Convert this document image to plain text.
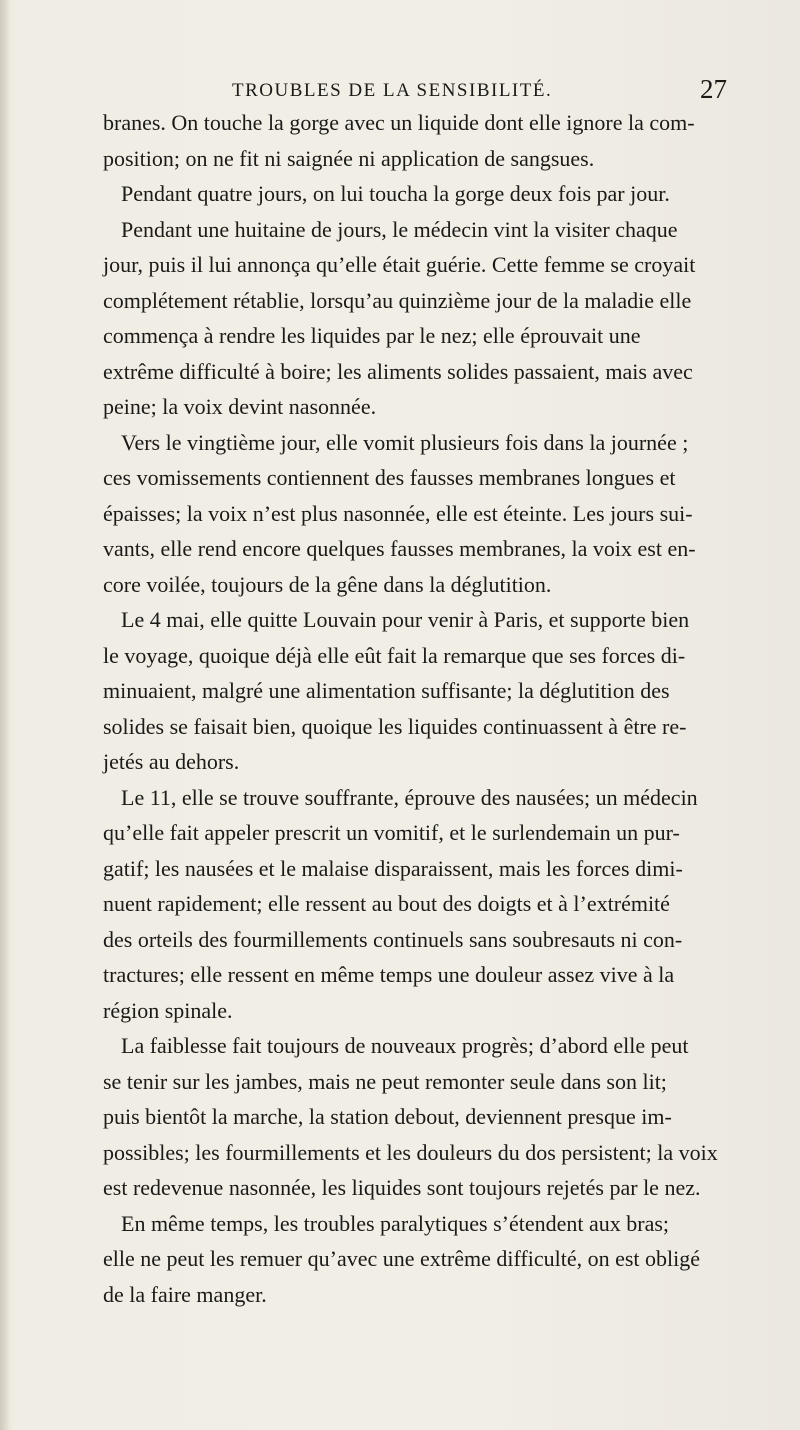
TROUBLES DE LA SENSIBILITÉ.	27
branes. On touche la gorge avec un liquide dont elle ignore la com-
position; on ne fit ni saignée ni application de sangsues.
Pendant quatre jours, on lui toucha la gorge deux fois par jour.
Pendant une huitaine de jours, le médecin vint la visiter chaque
jour, puis il lui annonça qu’elle était guérie. Cette femme se croyait
complétement rétablie, lorsqu’au quinzième jour de la maladie elle
commença à rendre les liquides par le nez; elle éprouvait une
extrême difficulté à boire; les aliments solides passaient, mais avec
peine; la voix devint nasonnée.
Vers le vingtième jour, elle vomit plusieurs fois dans la journée ;
ces vomissements contiennent des fausses membranes longues et
épaisses; la voix n’est plus nasonnée, elle est éteinte. Les jours sui-
vants, elle rend encore quelques fausses membranes, la voix est en-
core voilée, toujours de la gêne dans la déglutition.
Le 4 mai, elle quitte Louvain pour venir à Paris, et supporte bien
le voyage, quoique déjà elle eût fait la remarque que ses forces di-
minuaient, malgré une alimentation suffisante; la déglutition des
solides se faisait bien, quoique les liquides continuassent à être re-
jetés au dehors.
Le 11, elle se trouve souffrante, éprouve des nausées; un médecin
qu’elle fait appeler prescrit un vomitif, et le surlendemain un pur-
gatif; les nausées et le malaise disparaissent, mais les forces dimi-
nuent rapidement; elle ressent au bout des doigts et à l’extrémité
des orteils des fourmillements continuels sans soubresauts ni con-
tractures; elle ressent en même temps une douleur assez vive à la
région spinale.
La faiblesse fait toujours de nouveaux progrès; d’abord elle peut
se tenir sur les jambes, mais ne peut remonter seule dans son lit;
puis bientôt la marche, la station debout, deviennent presque im-
possibles; les fourmillements et les douleurs du dos persistent; la voix
est redevenue nasonnée, les liquides sont toujours rejetés par le nez.
En même temps, les troubles paralytiques s’étendent aux bras;
elle ne peut les remuer qu’avec une extrême difficulté, on est obligé
de la faire manger.
